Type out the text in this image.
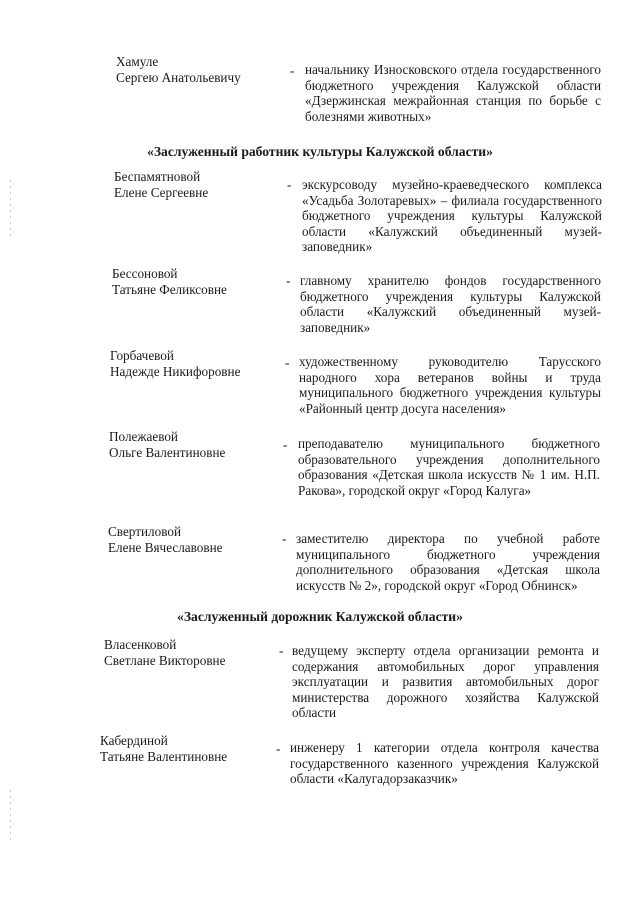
Хамуле
Сергею Анатольевичу	- начальнику Износковского отдела государственного бюджетного учреждения Калужской области «Дзержинская межрайонная станция по борьбе с болезнями животных»
«Заслуженный работник культуры Калужской области»
Беспамятновой
Елене Сергеевне
- экскурсоводу музейно-краеведческого комплекса «Усадьба Золотаревых» – филиала государственного бюджетного учреждения культуры Калужской области «Калужский объединенный музей-заповедник»
Бессоновой
Татьяне Феликсовне
- главному хранителю фондов государственного бюджетного учреждения культуры Калужской области «Калужский объединенный музей-заповедник»
Горбачевой
Надежде Никифоровне
- художественному руководителю Тарусского народного хора ветеранов войны и труда муниципального бюджетного учреждения культуры «Районный центр досуга населения»
Полежаевой
Ольге Валентиновне
- преподавателю муниципального бюджетного образовательного учреждения дополнительного образования «Детская школа искусств № 1 им. Н.П. Ракова», городской округ «Город Калуга»
Свертиловой
Елене Вячеславовне
- заместителю директора по учебной работе муниципального бюджетного учреждения дополнительного образования «Детская школа искусств № 2», городской округ «Город Обнинск»
«Заслуженный дорожник Калужской области»
Власенковой
Светлане Викторовне
- ведущему эксперту отдела организации ремонта и содержания автомобильных дорог управления эксплуатации и развития автомобильных дорог министерства дорожного хозяйства Калужской области
Кабердиной
Татьяне Валентиновне
- инженеру 1 категории отдела контроля качества государственного казенного учреждения Калужской области «Калугадорзаказчик»
